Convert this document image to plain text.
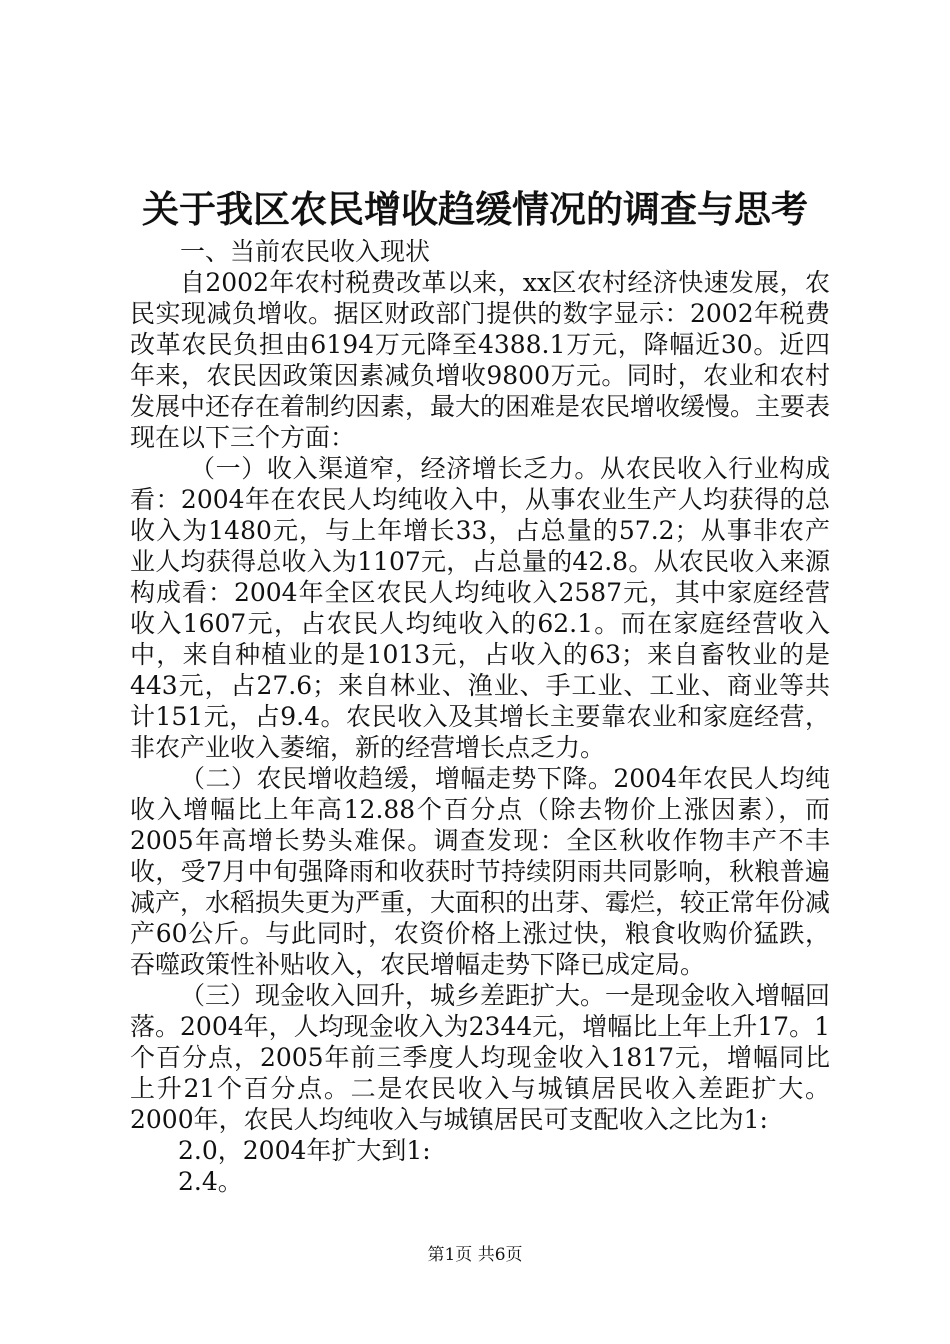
关于我区农民增收趋缓情况的调查与思考

一、当前农民收入现状

自2002年农村税费改革以来，xx区农村经济快速发展，农民实现减负增收。据区财政部门提供的数字显示：2002年税费改革农民负担由6194万元降至4388.1万元，降幅近30。近四年来，农民因政策因素减负增收9800万元。同时，农业和农村发展中还存在着制约因素，最大的困难是农民增收缓慢。主要表现在以下三个方面：

（一）收入渠道窄，经济增长乏力。从农民收入行业构成看：2004年在农民人均纯收入中，从事农业生产人均获得的总收入为1480元，与上年增长33，占总量的57.2；从事非农产业人均获得总收入为1107元，占总量的42.8。从农民收入来源构成看：2004年全区农民人均纯收入2587元，其中家庭经营收入1607元，占农民人均纯收入的62.1。而在家庭经营收入中，来自种植业的是1013元，占收入的63；来自畜牧业的是443元，占27.6；来自林业、渔业、手工业、工业、商业等共计151元，占9.4。农民收入及其增长主要靠农业和家庭经营，非农产业收入萎缩，新的经营增长点乏力。

（二）农民增收趋缓，增幅走势下降。2004年农民人均纯收入增幅比上年高12.88个百分点（除去物价上涨因素），而2005年高增长势头难保。调查发现：全区秋收作物丰产不丰收，受7月中旬强降雨和收获时节持续阴雨共同影响，秋粮普遍减产，水稻损失更为严重，大面积的出芽、霉烂，较正常年份减产60公斤。与此同时，农资价格上涨过快，粮食收购价猛跌，吞噬政策性补贴收入，农民增幅走势下降已成定局。

（三）现金收入回升，城乡差距扩大。一是现金收入增幅回落。2004年，人均现金收入为2344元，增幅比上年上升17。1个百分点，2005年前三季度人均现金收入1817元，增幅同比上升21个百分点。二是农民收入与城镇居民收入差距扩大。2000年，农民人均纯收入与城镇居民可支配收入之比为1:

2.0，2004年扩大到1:

2.4。

第1页 共6页
